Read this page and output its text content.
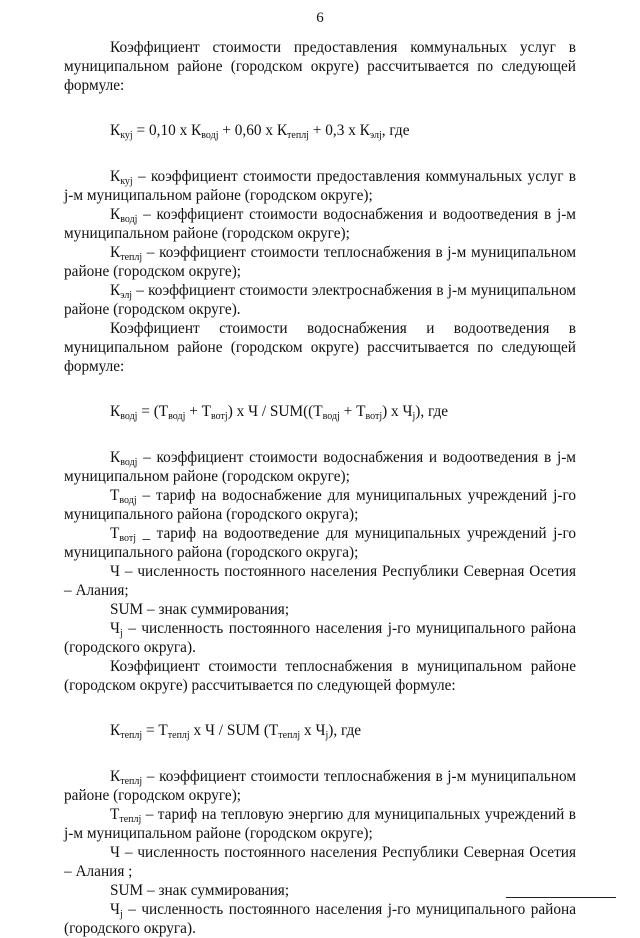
6

Коэффициент стоимости предоставления коммунальных услуг в муниципальном районе (городском округе) рассчитывается по следующей формуле:

$К_{куj} = 0,10$ х $К_{водj} + 0,60$ х $К_{теплj} + 0,3$ х $К_{элj}$, где

$К_{куj}$ – коэффициент стоимости предоставления коммунальных услуг в j-м муниципальном районе (городском округе);

$К_{водj}$ – коэффициент стоимости водоснабжения и водоотведения в j-м муниципальном районе (городском округе);

$К_{теплj}$ – коэффициент стоимости теплоснабжения в j-м муниципальном районе (городском округе);

$К_{элj}$ – коэффициент стоимости электроснабжения в j-м муниципальном районе (городском округе).

Коэффициент стоимости водоснабжения и водоотведения в муниципальном районе (городском округе) рассчитывается по следующей формуле:

$К_{водj} = (Т_{водj} + Т_{вотj})$ х $Ч / SUM((Т_{водj} + Т_{вотj})$ х $Ч_j$), где

$К_{водj}$ – коэффициент стоимости водоснабжения и водоотведения в j-м муниципальном районе (городском округе);

$Т_{водj}$ – тариф на водоснабжение для муниципальных учреждений j-го муниципального района (городского округа);

$Т_{вотj}$ _ тариф на водоотведение для муниципальных учреждений j-го муниципального района (городского округа);

Ч – численность постоянного населения Республики Северная Осетия – Алания;

SUM – знак суммирования;

$Ч_j$ – численность постоянного населения j-го муниципального района (городского округа).

Коэффициент стоимости теплоснабжения в муниципальном районе (городском округе) рассчитывается по следующей формуле:

$К_{теплj} = Т_{теплj}$ х Ч / SUM ($Т_{теплj}$ х $Ч_j$), где

$К_{теплj}$ – коэффициент стоимости теплоснабжения в j-м муниципальном районе (городском округе);

$Т_{теплj}$ – тариф на тепловую энергию для муниципальных учреждений в j-м муниципальном районе (городском округе);

Ч – численность постоянного населения Республики Северная Осетия – Алания ;

SUM – знак суммирования;

$Ч_j$ – численность постоянного населения j-го муниципального района (городского округа).
